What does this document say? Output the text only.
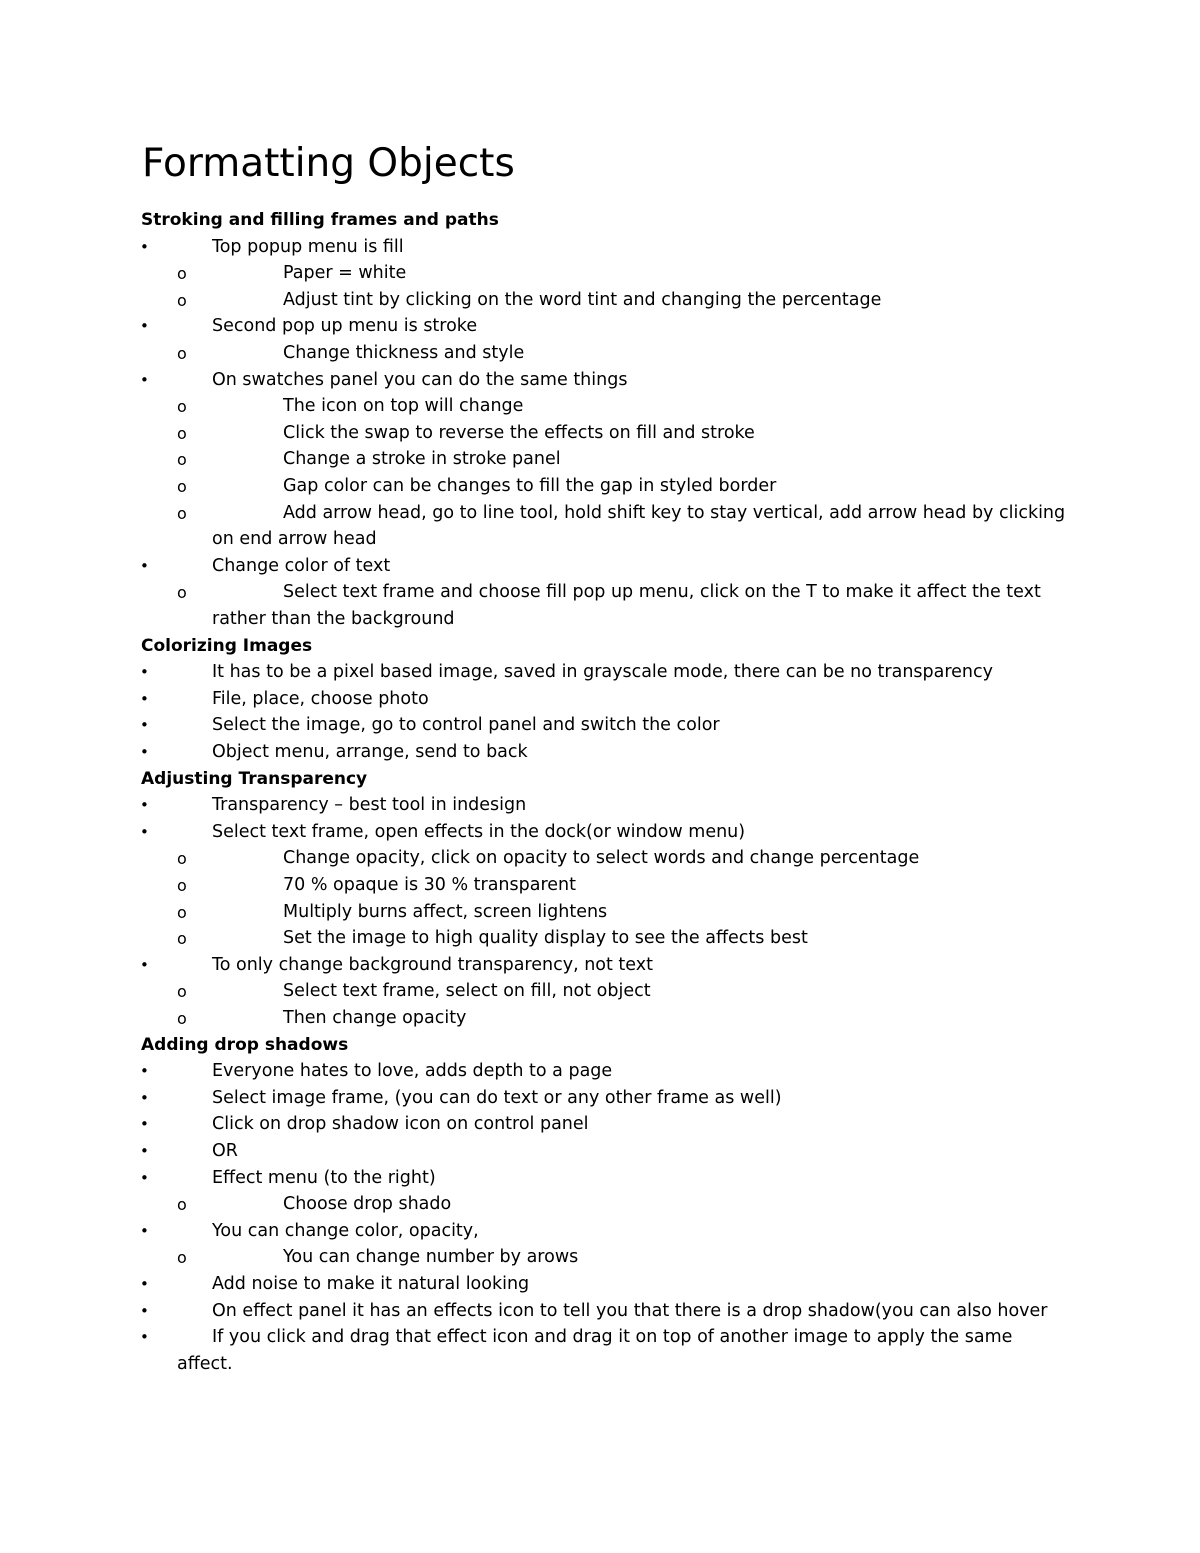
Formatting Objects
Stroking and filling frames and paths
•	Top popup menu is fill
o	Paper = white
o	Adjust tint by clicking on the word tint and changing the percentage
•	Second pop up menu is stroke
o	Change thickness and style
•	On swatches panel you can do the same things
o	The icon on top will change
o	Click the swap to reverse the effects on fill and stroke
o	Change a stroke in stroke panel
o	Gap color can be changes to fill the gap in styled border
o	Add arrow head, go to line tool, hold shift key to stay vertical, add arrow head by clicking
on end arrow head
•	Change color of text
o	Select text frame and choose fill pop up menu, click on the T to make it affect the text
rather than the background
Colorizing Images
•	It has to be a pixel based image, saved in grayscale mode, there can be no transparency
•	File, place, choose photo
•	Select the image, go to control panel and switch the color
•	Object menu, arrange, send to back
Adjusting Transparency
•	Transparency – best tool in indesign
•	Select text frame, open effects in the dock(or window menu)
o	Change opacity, click on opacity to select words and change percentage
o	70 % opaque is 30 % transparent
o	Multiply burns affect, screen lightens
o	Set the image to high quality display to see the affects best
•	To only change background transparency, not text
o	Select text frame, select on fill, not object
o	Then change opacity
Adding drop shadows
•	Everyone hates to love, adds depth to a page
•	Select image frame, (you can do text or any other frame as well)
•	Click on drop shadow icon on control panel
•	OR
•	Effect menu (to the right)
o	Choose drop shado
•	You can change color, opacity,
o	You can change number by arows
•	Add noise to make it natural looking
•	On effect panel it has an effects icon to tell you that there is a drop shadow(you can also hover
•	If you click and drag that effect icon and drag it on top of another image to apply the same
affect.
